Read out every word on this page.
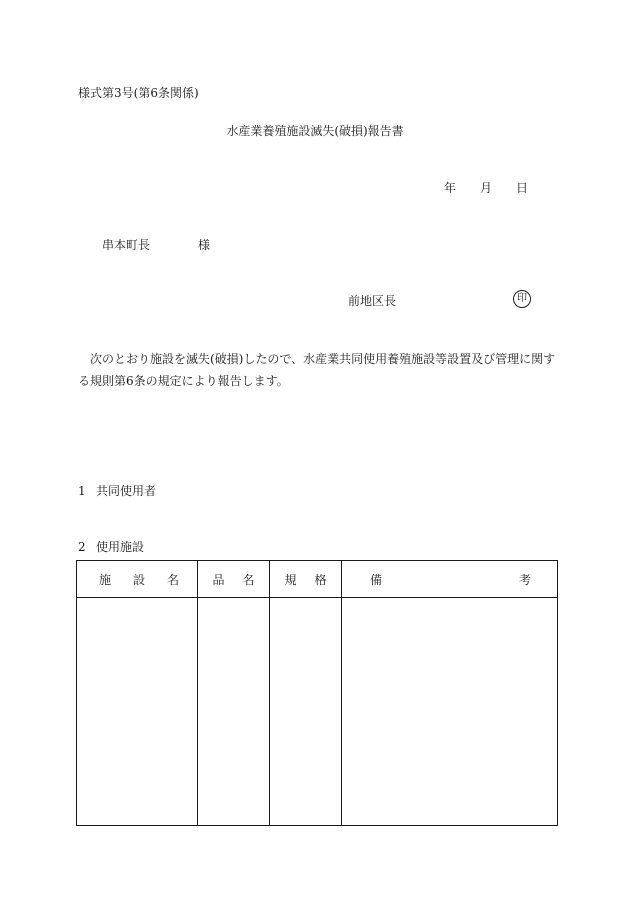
様式第3号(第6条関係)
水産業養殖施設滅失(破損)報告書
年 月 日
串本町長	様
前地区長	印
次のとおり施設を滅失(破損)したので、水産業共同使用養殖施設等設置及び管理に関する規則第6条の規定により報告します。
1 共同使用者
2 使用施設
施 設 名	品 名	規 格	備 考
